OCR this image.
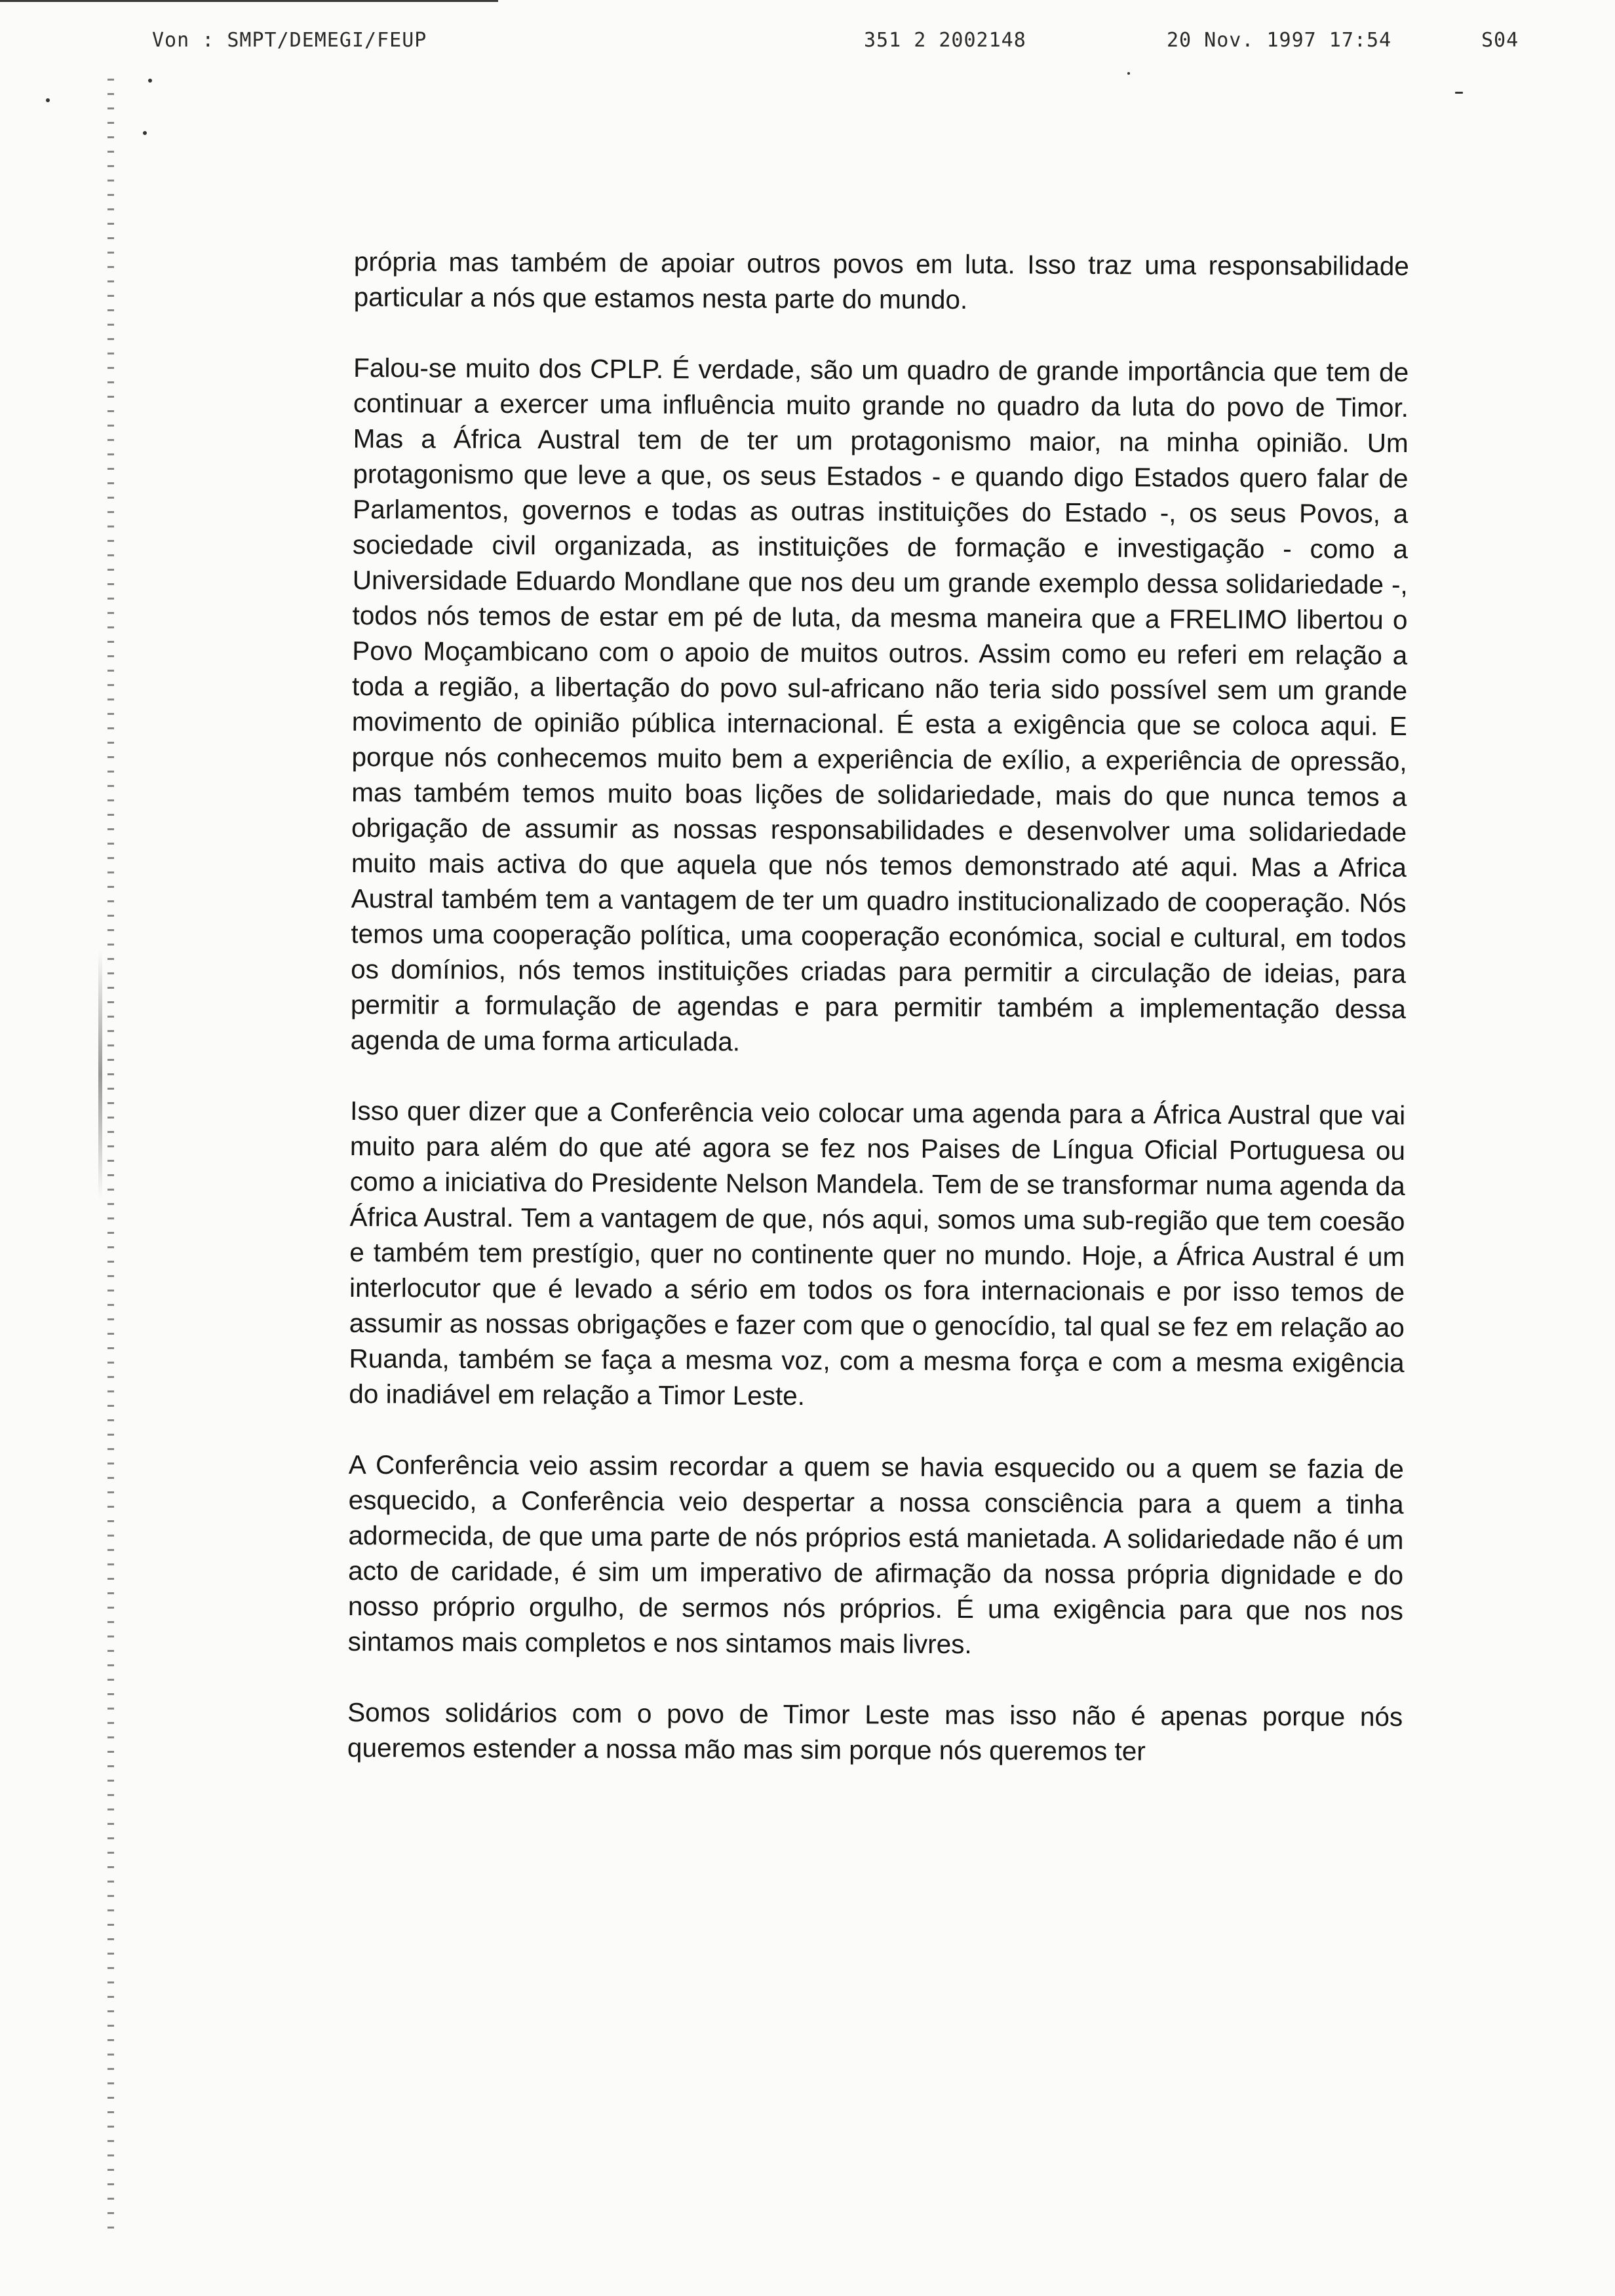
Von : SMPT/DEMEGI/FEUP	351 2 2002148	20 Nov. 1997 17:54	S04

própria mas também de apoiar outros povos em luta. Isso traz uma responsabilidade particular a nós que estamos nesta parte do mundo.

Falou-se muito dos CPLP. É verdade, são um quadro de grande importância que tem de continuar a exercer uma influência muito grande no quadro da luta do povo de Timor. Mas a África Austral tem de ter um protagonismo maior, na minha opinião. Um protagonismo que leve a que, os seus Estados - e quando digo Estados quero falar de Parlamentos, governos e todas as outras instituições do Estado -, os seus Povos, a sociedade civil organizada, as instituições de formação e investigação - como a Universidade Eduardo Mondlane que nos deu um grande exemplo dessa solidariedade -, todos nós temos de estar em pé de luta, da mesma maneira que a FRELIMO libertou o Povo Moçambicano com o apoio de muitos outros. Assim como eu referi em relação a toda a região, a libertação do povo sul-africano não teria sido possível sem um grande movimento de opinião pública internacional. É esta a exigência que se coloca aqui. E porque nós conhecemos muito bem a experiência de exílio, a experiência de opressão, mas também temos muito boas lições de solidariedade, mais do que nunca temos a obrigação de assumir as nossas responsabilidades e desenvolver uma solidariedade muito mais activa do que aquela que nós temos demonstrado até aqui. Mas a Africa Austral também tem a vantagem de ter um quadro institucionalizado de cooperação. Nós temos uma cooperação política, uma cooperação económica, social e cultural, em todos os domínios, nós temos instituições criadas para permitir a circulação de ideias, para permitir a formulação de agendas e para permitir também a implementação dessa agenda de uma forma articulada.

Isso quer dizer que a Conferência veio colocar uma agenda para a África Austral que vai muito para além do que até agora se fez nos Paises de Língua Oficial Portuguesa ou como a iniciativa do Presidente Nelson Mandela. Tem de se transformar numa agenda da África Austral. Tem a vantagem de que, nós aqui, somos uma sub-região que tem coesão e também tem prestígio, quer no continente quer no mundo. Hoje, a África Austral é um interlocutor que é levado a sério em todos os fora internacionais e por isso temos de assumir as nossas obrigações e fazer com que o genocídio, tal qual se fez em relação ao Ruanda, também se faça a mesma voz, com a mesma força e com a mesma exigência do inadiável em relação a Timor Leste.

A Conferência veio assim recordar a quem se havia esquecido ou a quem se fazia de esquecido, a Conferência veio despertar a nossa consciência para a quem a tinha adormecida, de que uma parte de nós próprios está manietada. A solidariedade não é um acto de caridade, é sim um imperativo de afirmação da nossa própria dignidade e do nosso próprio orgulho, de sermos nós próprios. É uma exigência para que nos nos sintamos mais completos e nos sintamos mais livres.

Somos solidários com o povo de Timor Leste mas isso não é apenas porque nós queremos estender a nossa mão mas sim porque nós queremos ter
